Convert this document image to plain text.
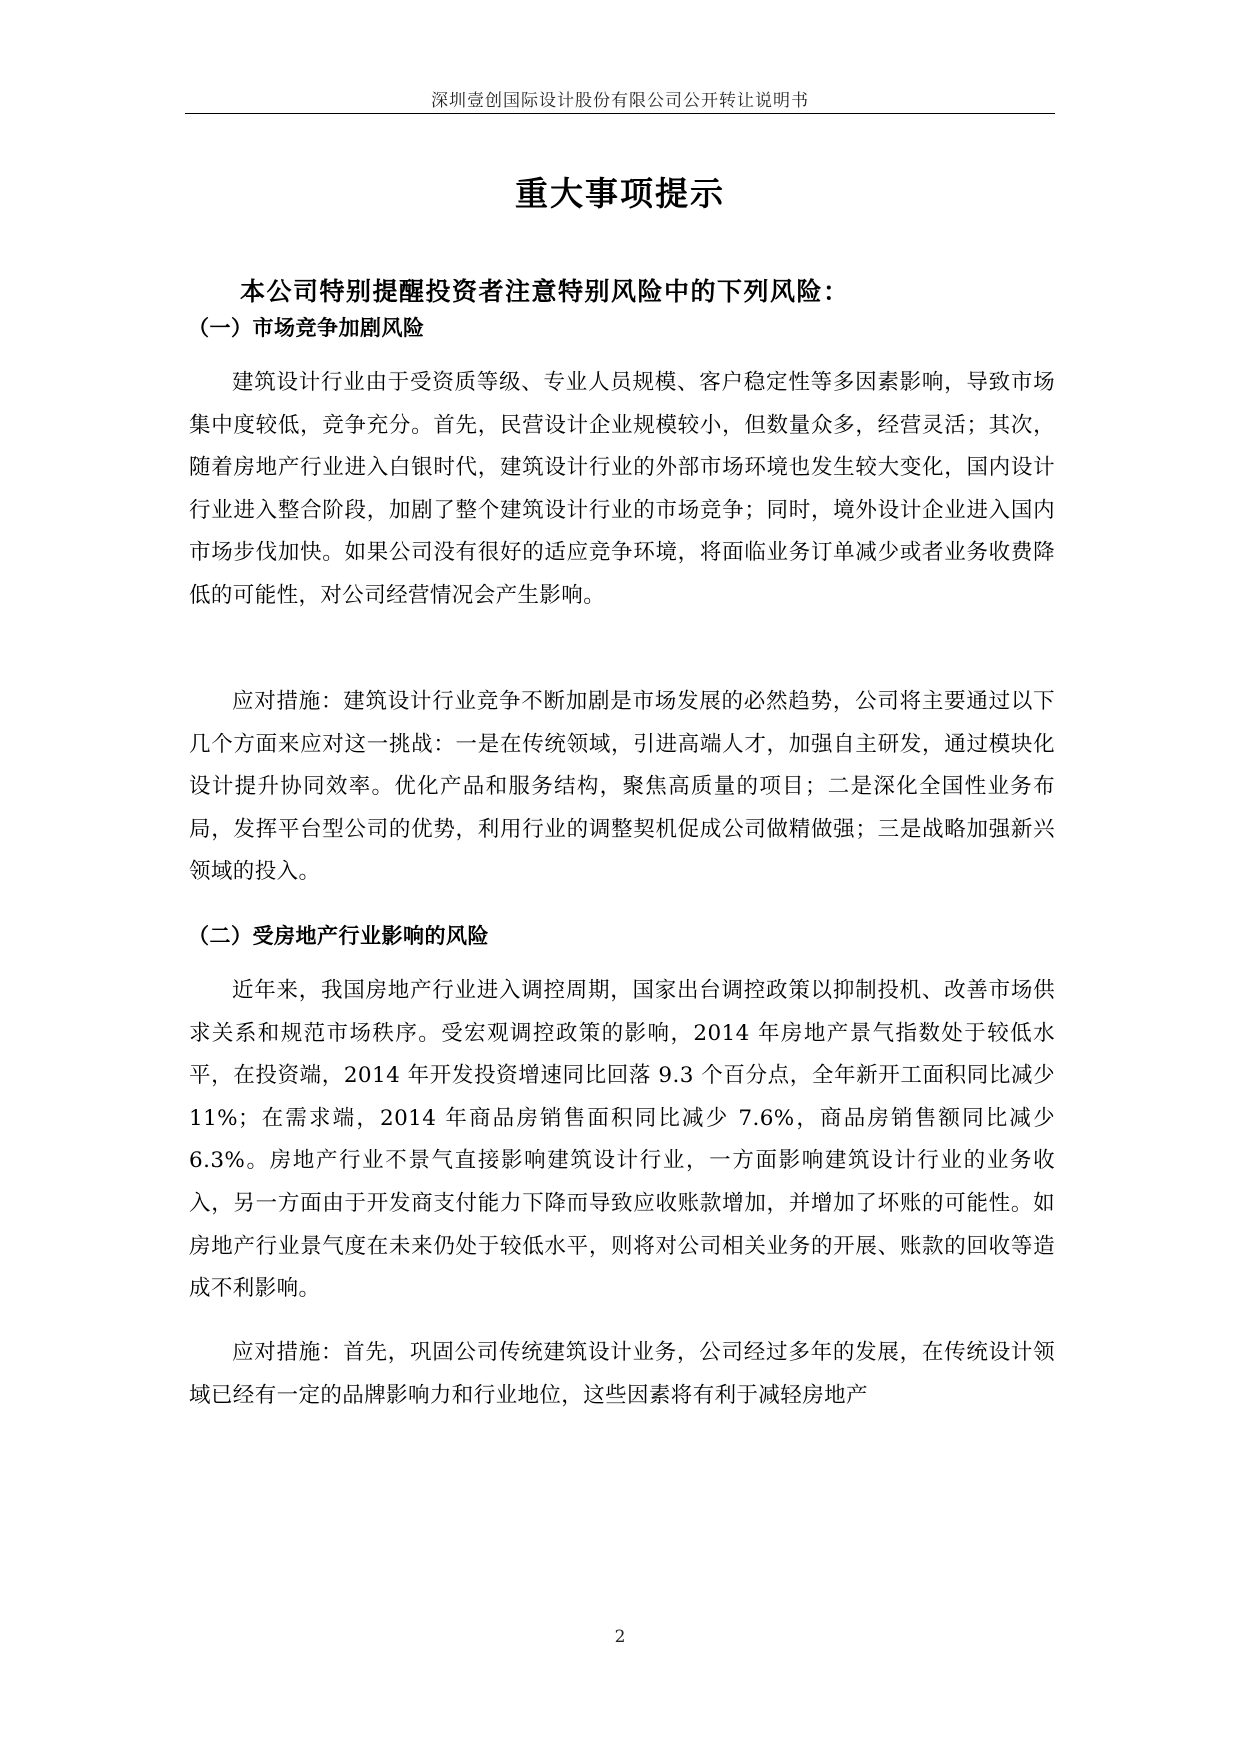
深圳壹创国际设计股份有限公司公开转让说明书
重大事项提示
本公司特别提醒投资者注意特别风险中的下列风险：
（一）市场竞争加剧风险

建筑设计行业由于受资质等级、专业人员规模、客户稳定性等多因素影响，导致市场集中度较低，竞争充分。首先，民营设计企业规模较小，但数量众多，经营灵活；其次，随着房地产行业进入白银时代，建筑设计行业的外部市场环境也发生较大变化，国内设计行业进入整合阶段，加剧了整个建筑设计行业的市场竞争；同时，境外设计企业进入国内市场步伐加快。如果公司没有很好的适应竞争环境，将面临业务订单减少或者业务收费降低的可能性，对公司经营情况会产生影响。

应对措施：建筑设计行业竞争不断加剧是市场发展的必然趋势，公司将主要通过以下几个方面来应对这一挑战：一是在传统领域，引进高端人才，加强自主研发，通过模块化设计提升协同效率。优化产品和服务结构，聚焦高质量的项目；二是深化全国性业务布局，发挥平台型公司的优势，利用行业的调整契机促成公司做精做强；三是战略加强新兴领域的投入。

（二）受房地产行业影响的风险

近年来，我国房地产行业进入调控周期，国家出台调控政策以抑制投机、改善市场供求关系和规范市场秩序。受宏观调控政策的影响，2014 年房地产景气指数处于较低水平，在投资端，2014 年开发投资增速同比回落 9.3 个百分点，全年新开工面积同比减少 11%；在需求端，2014 年商品房销售面积同比减少 7.6%，商品房销售额同比减少 6.3%。房地产行业不景气直接影响建筑设计行业，一方面影响建筑设计行业的业务收入，另一方面由于开发商支付能力下降而导致应收账款增加，并增加了坏账的可能性。如房地产行业景气度在未来仍处于较低水平，则将对公司相关业务的开展、账款的回收等造成不利影响。

应对措施：首先，巩固公司传统建筑设计业务，公司经过多年的发展，在传统设计领域已经有一定的品牌影响力和行业地位，这些因素将有利于减轻房地产

2
